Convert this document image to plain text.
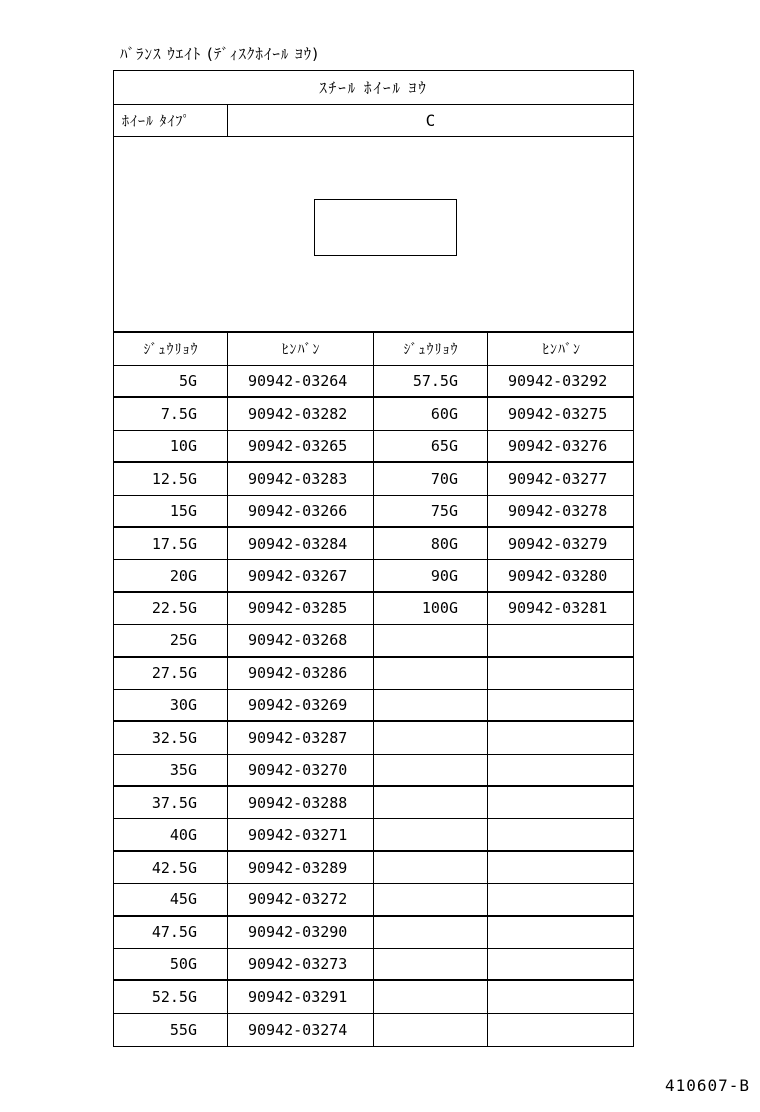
ﾊﾞﾗﾝｽ ｳｴｲﾄ (ﾃﾞｨｽｸﾎｲｰﾙ ﾖｳ)
ｽﾁｰﾙ ﾎｲｰﾙ ﾖｳ
ﾎｲｰﾙ ﾀｲﾌﾟ	C
ｼﾞｭｳﾘｮｳ	ﾋﾝﾊﾞﾝ	ｼﾞｭｳﾘｮｳ	ﾋﾝﾊﾞﾝ
5G	90942-03264	57.5G	90942-03292
7.5G	90942-03282	60G	90942-03275
10G	90942-03265	65G	90942-03276
12.5G	90942-03283	70G	90942-03277
15G	90942-03266	75G	90942-03278
17.5G	90942-03284	80G	90942-03279
20G	90942-03267	90G	90942-03280
22.5G	90942-03285	100G	90942-03281
25G	90942-03268
27.5G	90942-03286
30G	90942-03269
32.5G	90942-03287
35G	90942-03270
37.5G	90942-03288
40G	90942-03271
42.5G	90942-03289
45G	90942-03272
47.5G	90942-03290
50G	90942-03273
52.5G	90942-03291
55G	90942-03274
410607-B
